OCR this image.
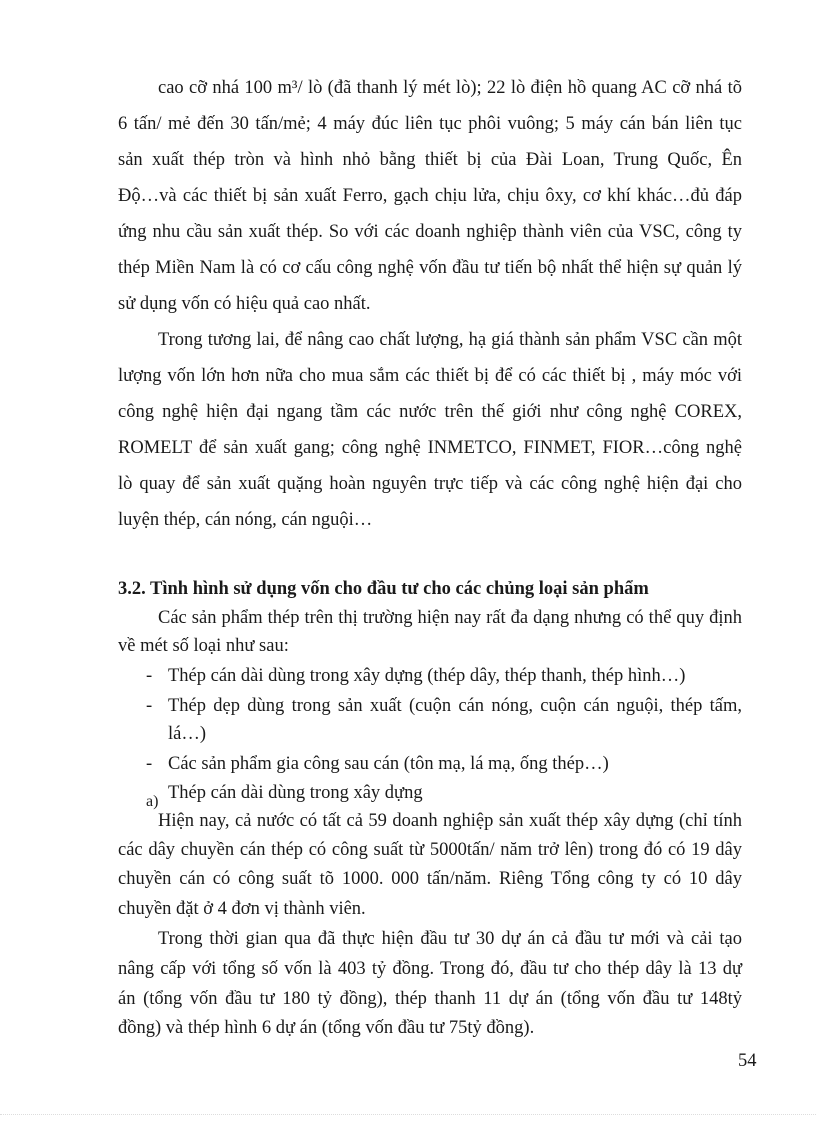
cao cỡ nhá 100 m³/ lò (đã thanh lý mét lò); 22 lò điện hồ quang AC cỡ nhá tõ
6 tấn/ mẻ đến 30 tấn/mẻ; 4 máy đúc liên tục phôi vuông; 5 máy cán bán liên tục
sản xuất thép tròn và hình nhỏ bằng thiết bị của Đài Loan, Trung Quốc, Ên
Độ…và các thiết bị sản xuất Ferro, gạch chịu lửa, chịu ôxy, cơ khí khác…đủ đáp
ứng nhu cầu sản xuất thép. So với các doanh nghiệp thành viên của VSC, công ty
thép Miền Nam là có cơ cấu công nghệ vốn đầu tư tiến bộ nhất thể hiện sự quản lý
sử dụng vốn có hiệu quả cao nhất.
Trong tương lai, để nâng cao chất lượng, hạ giá thành sản phẩm VSC cần một
lượng vốn lớn hơn nữa cho mua sắm các thiết bị để có các thiết bị , máy móc với
công nghệ hiện đại ngang tầm các nước trên thế giới như công nghệ COREX,
ROMELT để sản xuất gang; công nghệ INMETCO, FINMET, FIOR…công nghệ
lò quay để sản xuất quặng hoàn nguyên trực tiếp và các công nghệ hiện đại cho
luyện thép, cán nóng, cán nguội…
3.2. Tình hình sử dụng vốn cho đầu tư cho các chủng loại sản phẩm
Các sản phẩm thép trên thị trường hiện nay rất đa dạng nhưng có thể quy định
về mét số loại như sau:
- Thép cán dài dùng trong xây dựng (thép dây, thép thanh, thép hình…)
- Thép dẹp dùng trong sản xuất (cuộn cán nóng, cuộn cán nguội, thép tấm,
lá…)
- Các sản phẩm gia công sau cán (tôn mạ, lá mạ, ống thép…)
a) Thép cán dài dùng trong xây dựng
Hiện nay, cả nước có tất cả 59 doanh nghiệp sản xuất thép xây dựng (chỉ tính
các dây chuyền cán thép có công suất từ 5000tấn/ năm trở lên) trong đó có 19 dây
chuyền cán có công suất tõ 1000. 000 tấn/năm. Riêng Tổng công ty có 10 dây
chuyền đặt ở 4 đơn vị thành viên.
Trong thời gian qua đã thực hiện đầu tư 30 dự án cả đầu tư mới và cải tạo
nâng cấp với tổng số vốn là 403 tỷ đồng. Trong đó, đầu tư cho thép dây là 13 dự
án (tổng vốn đầu tư 180 tỷ đồng), thép thanh 11 dự án (tổng vốn đầu tư 148tỷ
đồng) và thép hình 6 dự án (tổng vốn đầu tư 75tỷ đồng).
54
